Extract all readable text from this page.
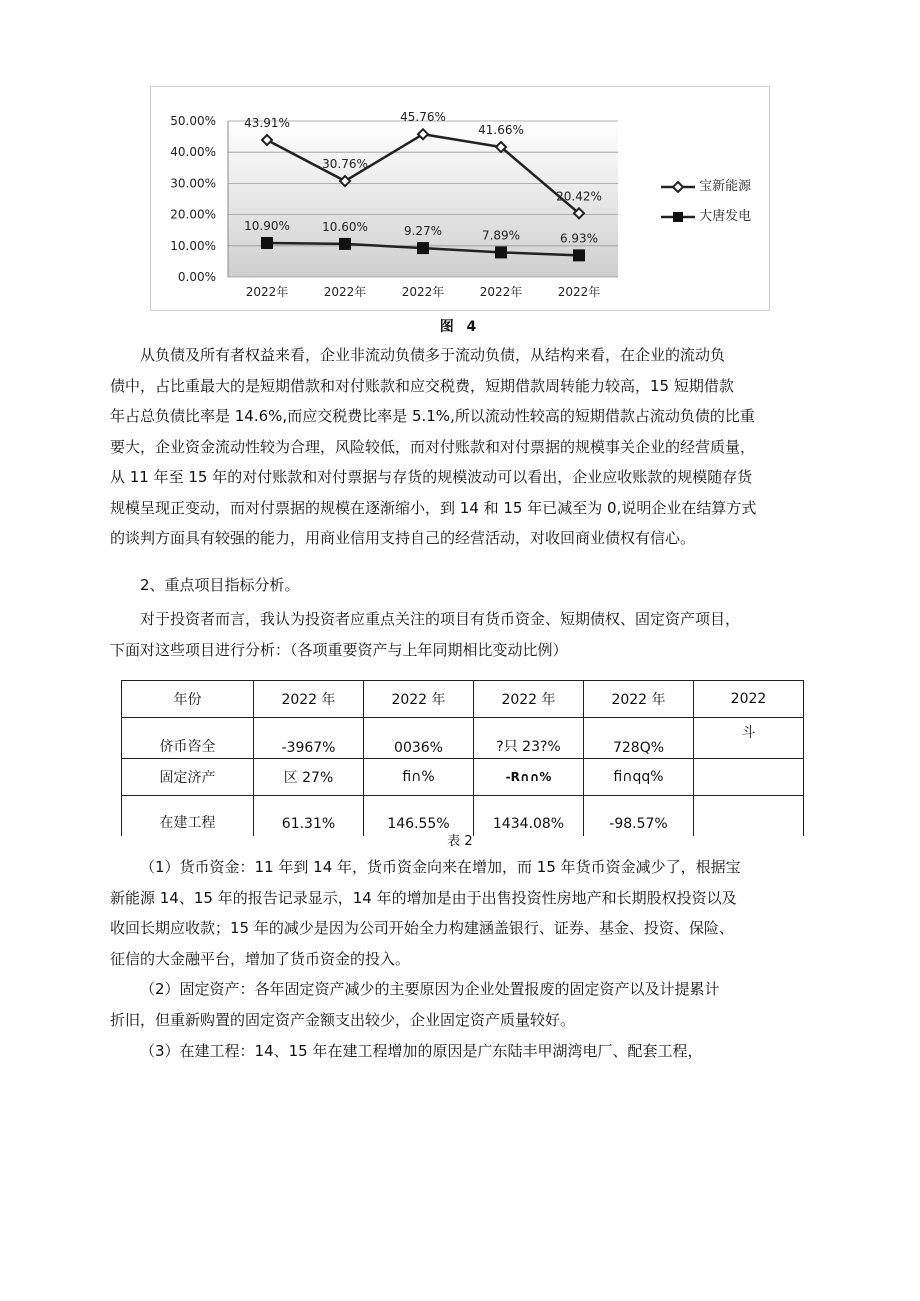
0.00%
10.00%
20.00%
30.00%
40.00%
50.00%
2022年	2022年	2022年	2022年	2022年
43.91%
30.76%
45.76%
41.66%
20.42%
10.90%	10.60%	9.27%	7.89%	6.93%
宝新能源
大唐发电
图 4
从负债及所有者权益来看，企业非流动负债多于流动负债，从结构来看，在企业的流动负
债中，占比重最大的是短期借款和对付账款和应交税费，短期借款周转能力较高，15 短期借款
年占总负债比率是 14.6%,而应交税费比率是 5.1%,所以流动性较高的短期借款占流动负债的比重
要大，企业资金流动性较为合理，风险较低，而对付账款和对付票据的规模事关企业的经营质量，
从 11 年至 15 年的对付账款和对付票据与存货的规模波动可以看出，企业应收账款的规模随存货
规模呈现正变动，而对付票据的规模在逐渐缩小，到 14 和 15 年已减至为 0,说明企业在结算方式
的谈判方面具有较强的能力，用商业信用支持自己的经营活动，对收回商业债权有信心。
2、重点项目指标分析。
对于投资者而言，我认为投资者应重点关注的项目有货币资金、短期债权、固定资产项目，
下面对这些项目进行分析：（各项重要资产与上年同期相比变动比例）
年份	2022 年	2022 年	2022 年	2022 年	2022
侪币咨全	-3967%	0036%	?只 23?%	728Q%	斗
固定济产	区 27%	fi∩%	-R∩∩%	fi∩qq%	
在建工程	61.31%	146.55%	1434.08%	-98.57%	
表 2
（1）货币资金：11 年到 14 年，货币资金向来在增加，而 15 年货币资金减少了，根据宝
新能源 14、15 年的报告记录显示，14 年的增加是由于出售投资性房地产和长期股权投资以及
收回长期应收款；15 年的减少是因为公司开始全力构建涵盖银行、证券、基金、投资、保险、
征信的大金融平台，增加了货币资金的投入。
（2）固定资产：各年固定资产减少的主要原因为企业处置报废的固定资产以及计提累计
折旧，但重新购置的固定资产金额支出较少，企业固定资产质量较好。
（3）在建工程：14、15 年在建工程增加的原因是广东陆丰甲湖湾电厂、配套工程，
